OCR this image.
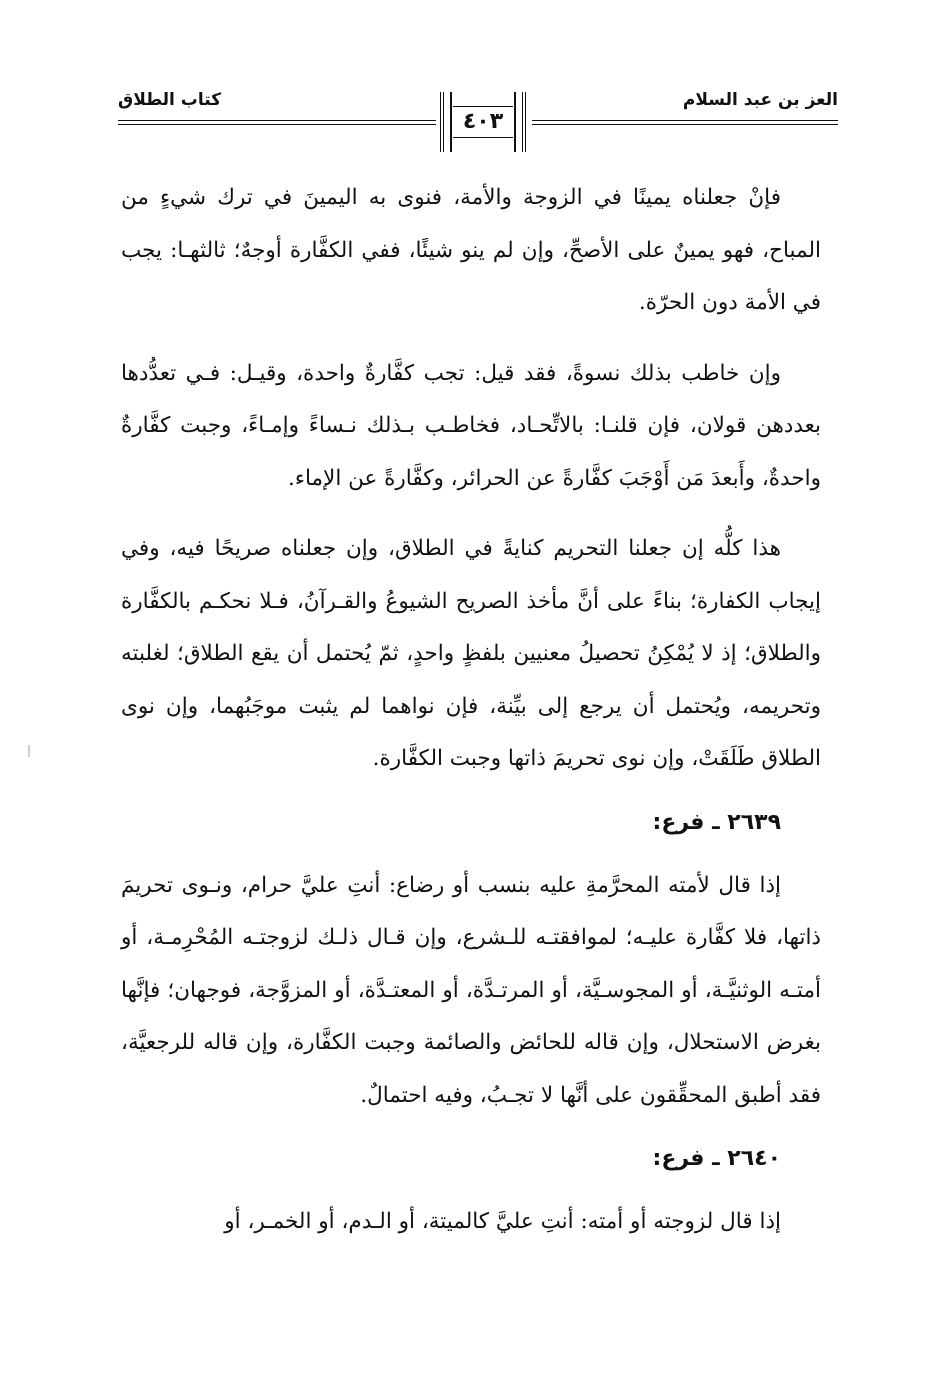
العز بن عبد السلام
٤٠٣
كتاب الطلاق

فإنْ جعلناه يمينًا في الزوجة والأمة، فنوى به اليمينَ في ترك شيءٍ من المباح، فهو يمينٌ على الأصحِّ، وإن لم ينو شيئًا، ففي الكفَّارة أوجهٌ؛ ثالثهـا: يجب في الأمة دون الحرّة.

وإن خاطب بذلك نسوةً، فقد قيل: تجب كفَّارةٌ واحدة، وقيـل: فـي تعدُّدها بعددهن قولان، فإن قلنـا: بالاتِّحـاد، فخاطـب بـذلك نـساءً وإمـاءً، وجبت كفَّارةٌ واحدةٌ، وأَبعدَ مَن أَوْجَبَ كفَّارةً عن الحرائر، وكفَّارةً عن الإماء.

هذا كلُّه إن جعلنا التحريم كنايةً في الطلاق، وإن جعلناه صريحًا فيه، وفي إيجاب الكفارة؛ بناءً على أنَّ مأخذ الصريح الشيوعُ والقـرآنُ، فـلا نحكـم بالكفَّارة والطلاق؛ إذ لا يُمْكِنُ تحصيلُ معنيين بلفظٍ واحدٍ، ثمّ يُحتمل أن يقع الطلاق؛ لغلبته وتحريمه، ويُحتمل أن يرجع إلى بيِّنة، فإن نواهما لم يثبت موجَبُهما، وإن نوى الطلاق طَلَقَتْ، وإن نوى تحريمَ ذاتها وجبت الكفَّارة.

٢٦٣٩ ـ فرع:

إذا قال لأمته المحرَّمةِ عليه بنسب أو رضاع: أنتِ عليَّ حرام، ونـوى تحريمَ ذاتها، فلا كفَّارة عليـه؛ لموافقتـه للـشرع، وإن قـال ذلـك لزوجتـه المُحْرِمـة، أو أمتـه الوثنيَّـة، أو المجوسـيَّة، أو المرتـدَّة، أو المعتـدَّة، أو المزوَّجة، فوجهان؛ فإنَّها بغرض الاستحلال، وإن قاله للحائض والصائمة وجبت الكفَّارة، وإن قاله للرجعيَّة، فقد أطبق المحقِّقون على أنَّها لا تجـبُ، وفيه احتمالٌ.

٢٦٤٠ ـ فرع:

إذا قال لزوجته أو أمته: أنتِ عليَّ كالميتة، أو الـدم، أو الخمـر، أو
